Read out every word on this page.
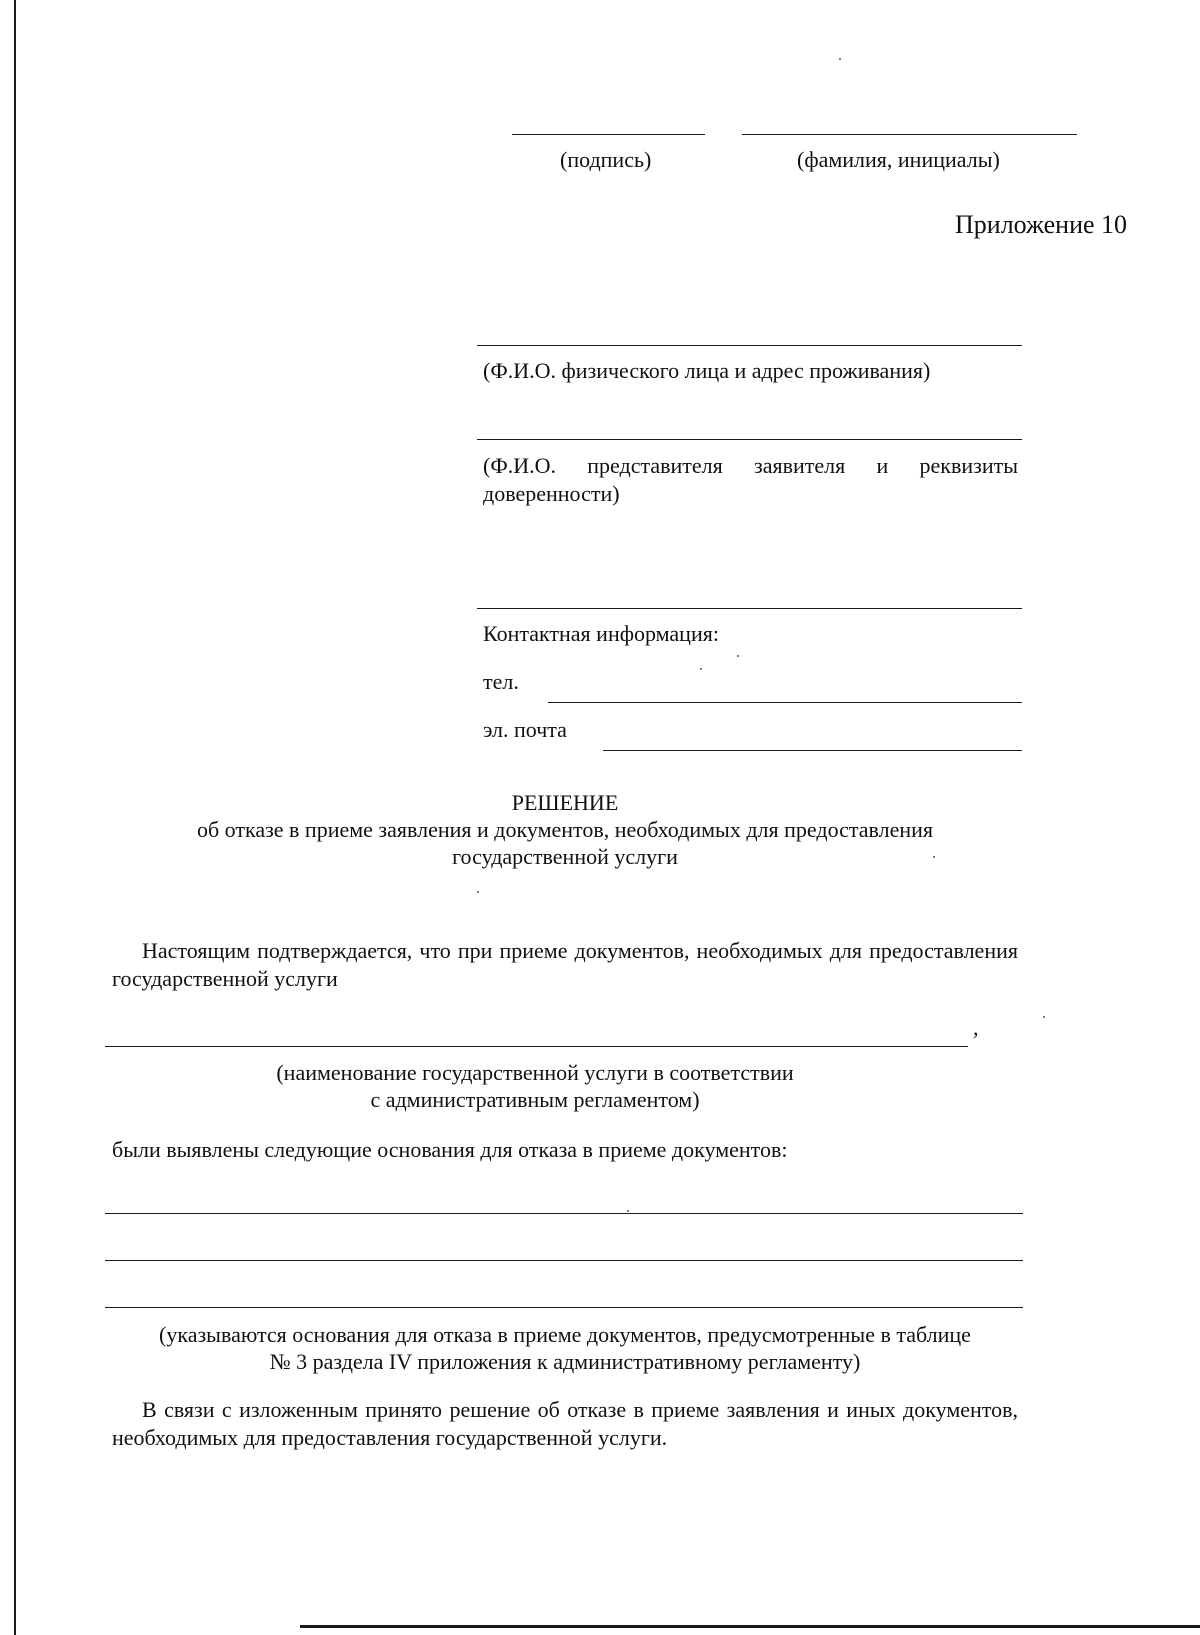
(подпись)	(фамилия, инициалы)
Приложение 10
(Ф.И.О. физического лица и адрес проживания)
(Ф.И.О. представителя заявителя и реквизиты доверенности)
Контактная информация:
тел.
эл. почта
РЕШЕНИЕ
об отказе в приеме заявления и документов, необходимых для предоставления
государственной услуги
Настоящим подтверждается, что при приеме документов, необходимых для предоставления государственной услуги
,
(наименование государственной услуги в соответствии
с административным регламентом)
были выявлены следующие основания для отказа в приеме документов:
(указываются основания для отказа в приеме документов, предусмотренные в таблице
№ 3 раздела IV приложения к административному регламенту)
В связи с изложенным принято решение об отказе в приеме заявления и иных документов, необходимых для предоставления государственной услуги.
